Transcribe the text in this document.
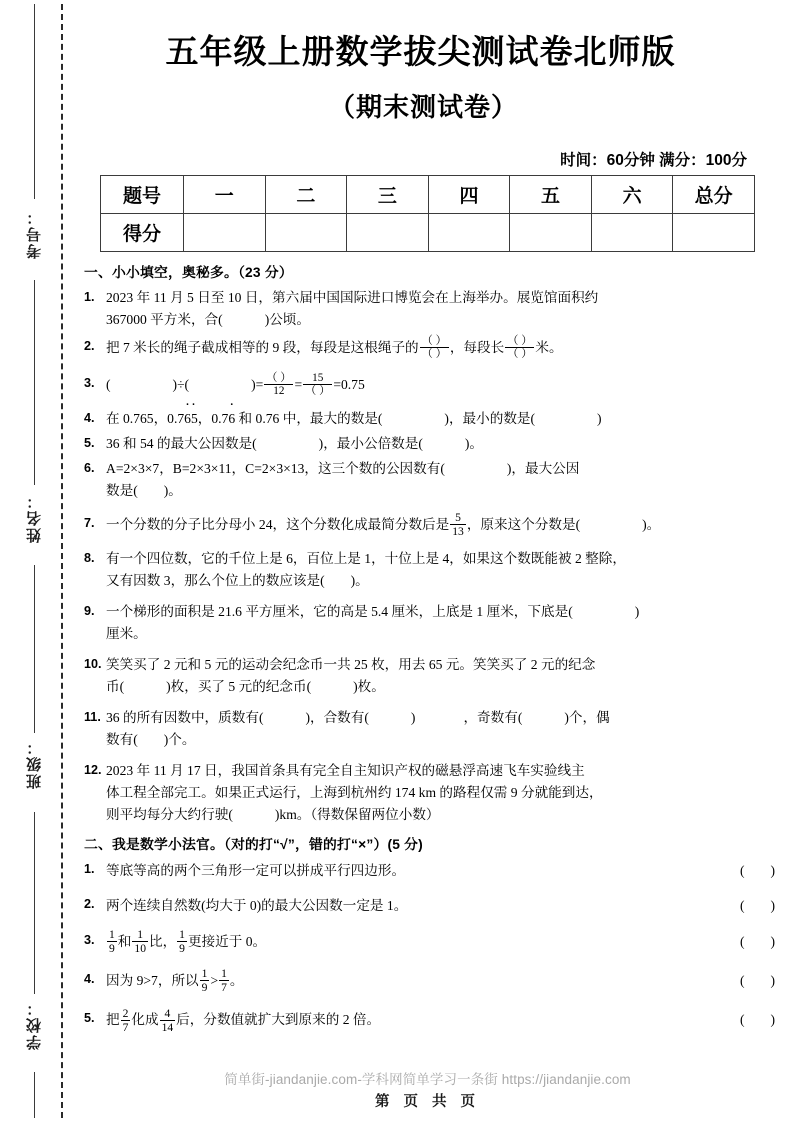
考号：
姓名：
班级：
学校：
五年级上册数学拔尖测试卷北师版
（期末测试卷）
时间：60分钟 满分：100分
题号	一	二	三	四	五	六	总分
得分							
一、小小填空，奥秘多。（23 分）
1. 2023 年 11 月 5 日至 10 日，第六届中国国际进口博览会在上海举办。展览馆面积约
367000 平方米，合 (  )	公顷。
2. 把 7 米长的绳子截成相等的 9 段，每段是这根绳子的 $\frac{( )}{( )}$ ，每段长 $\frac{( )}{( )}$ 米。
3. (  )	÷ (  )	= $\frac{( )}{12} = \frac{15}{( )} =0.75$
4. 在 0.765，0.765 ··，0.76 · 和 0.76 中，最大的数是 (  )	，最小的数是(  )
5. 36 和 54 的最大公因数是 (  )	，最小公倍数是 (  )	。
6. A=2×3×7，B=2×3×11，C=2×3×13，这三个数的公因数有 (  )	，最大公因
数是 (  )	。
7. 一个分数的分子比分母小 24，这个分数化成最简分数后是 $\frac{5}{13}$ ，原来这个分数是 (  )	。
8. 有一个四位数，它的千位上是 6，百位上是 1，十位上是 4，如果这个数既能被 2 整除，
又有因数 3，那么个位上的数应该是 (  )	。
9. 一个梯形的面积是 21.6 平方厘米，它的高是 5.4 厘米，上底是 1 厘米，下底是(  )
厘米。
10. 笑笑买了 2 元和 5 元的运动会纪念币一共 25 枚，用去 65 元。笑笑买了 2 元的纪念
币 (  )	枚，买了 5 元的纪念币 (  )	枚。
11. 36 的所有因数中，质数有 (  )	，合数有 (  )	，奇数有 (  )	个，偶
数有 (  )	个。
12. 2023 年 11 月 17 日，我国首条具有完全自主知识产权的磁悬浮高速飞车实验线主
体工程全部完工。如果正式运行，上海到杭州约 174 km 的路程仅需 9 分就能到达，
则平均每分大约行驶 (  )	km。（得数保留两位小数）
二、我是数学小法官。（对的打“√”，错的打“×”）(5 分)
1. 等底等高的两个三角形一定可以拼成平行四边形。	( )
2. 两个连续自然数(均大于 0)的最大公因数一定是 1。	( )
3. $\frac{1}{9}$ 和 $\frac{1}{10}$ 比， $\frac{1}{9}$ 更接近于 0。	( )
4. 因为 9>7，所以 $\frac{1}{9} > \frac{1}{7}$ 。	( )
5. 把 $\frac{2}{7}$ 化成 $\frac{4}{14}$ 后，分数值就扩大到原来的 2 倍。	( )
简单街-jiandanjie.com-学科网简单学习一条街 https://jiandanjie.com
第 页 共 页
